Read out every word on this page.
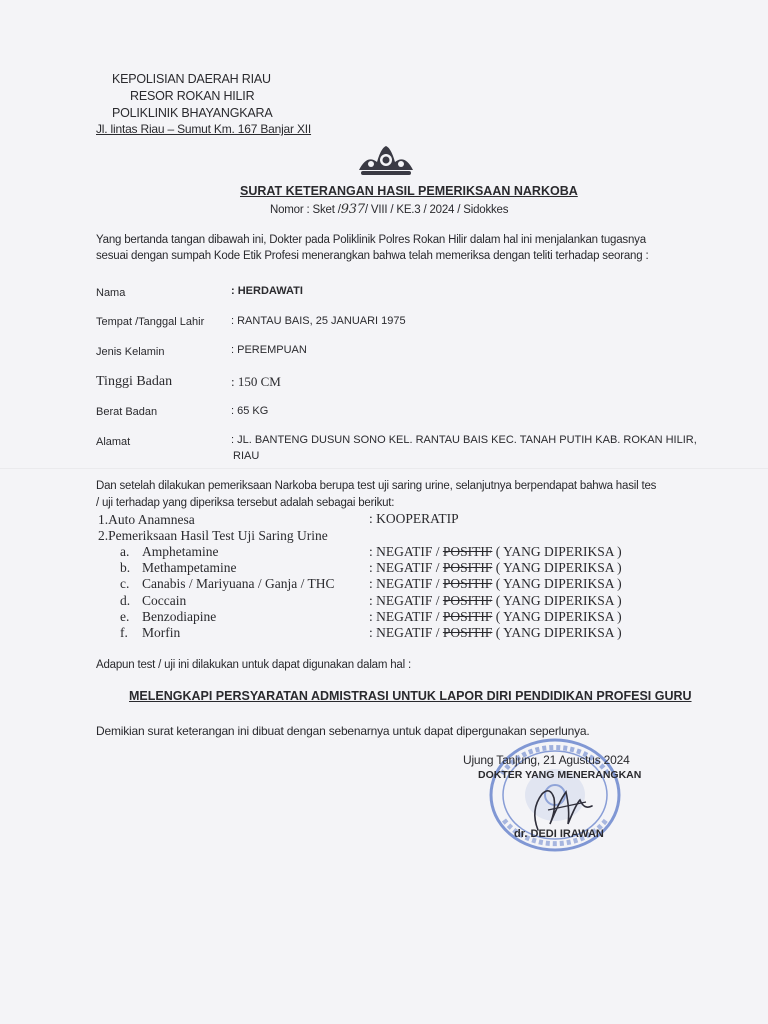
KEPOLISIAN DAERAH RIAU
RESOR ROKAN HILIR
POLIKLINIK BHAYANGKARA
Jl. lintas Riau – Sumut Km. 167 Banjar XII
SURAT KETERANGAN HASIL PEMERIKSAAN NARKOBA
Nomor : Sket /937/ VIII / KE.3 / 2024 / Sidokkes
Yang bertanda tangan dibawah ini, Dokter pada Poliklinik Polres Rokan Hilir dalam hal ini menjalankan tugasnya
sesuai dengan sumpah Kode Etik Profesi menerangkan bahwa telah memeriksa dengan teliti terhadap seorang :
Nama	: HERDAWATI
Tempat /Tanggal Lahir : RANTAU BAIS, 25 JANUARI 1975
Jenis Kelamin	: PEREMPUAN
Tinggi Badan	: 150 CM
Berat Badan	: 65 KG
Alamat	: JL. BANTENG DUSUN SONO KEL. RANTAU BAIS KEC. TANAH PUTIH KAB. ROKAN HILIR,
RIAU
Dan setelah dilakukan pemeriksaan Narkoba berupa test uji saring urine, selanjutnya berpendapat bahwa hasil tes
/ uji terhadap yang diperiksa tersebut adalah sebagai berikut:
1.Auto Anamnesa	: KOOPERATIP
2.Pemeriksaan Hasil Test Uji Saring Urine
a. Amphetamine	: NEGATIF / POSITIF ( YANG DIPERIKSA )
b. Methampetamine	: NEGATIF / POSITIF ( YANG DIPERIKSA )
c. Canabis / Mariyuana / Ganja / THC	: NEGATIF / POSITIF ( YANG DIPERIKSA )
d. Coccain	: NEGATIF / POSITIF ( YANG DIPERIKSA )
e. Benzodiapine	: NEGATIF / POSITIF ( YANG DIPERIKSA )
f. Morfin	: NEGATIF / POSITIF ( YANG DIPERIKSA )
Adapun test / uji ini dilakukan untuk dapat digunakan dalam hal :
MELENGKAPI PERSYARATAN ADMISTRASI UNTUK LAPOR DIRI PENDIDIKAN PROFESI GURU
Demikian surat keterangan ini dibuat dengan sebenarnya untuk dapat dipergunakan seperlunya.
Ujung Tanjung, 21 Agustus 2024
DOKTER YANG MENERANGKAN
dr. DEDI IRAWAN
